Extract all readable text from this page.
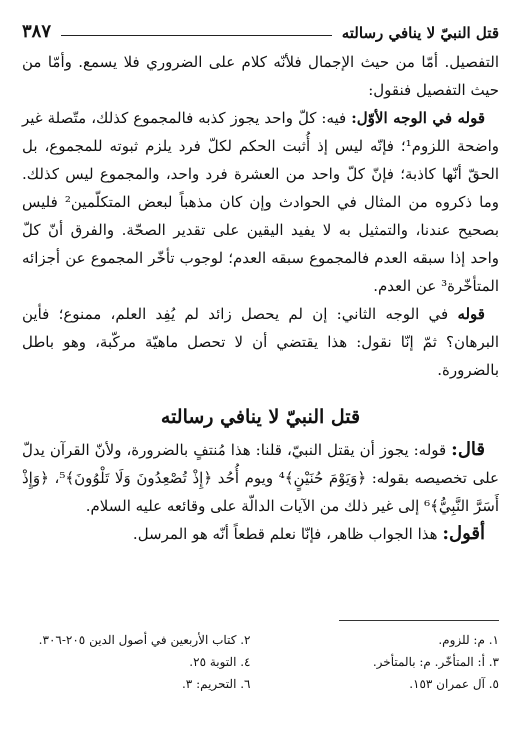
قتل النبيّ لا ينافي رسالته
٣٨٧

التفصيل. أمّا من حيث الإجمال فلأنّه كلام على الضروري فلا يسمع. وأمّا من حيث التفصيل فنقول:

قوله في الوجه الأوّل: فيه: كلّ واحد يجوز كذبه فالمجموع كذلك، متّصلة غير واضحة اللزوم¹؛ فإنّه ليس إذ أُثبت الحكم لكلّ فرد يلزم ثبوته للمجموع، بل الحقّ أنّها كاذبة؛ فإنّ كلّ واحد من العشرة فرد واحد، والمجموع ليس كذلك. وما ذكروه من المثال في الحوادث وإن كان مذهباً لبعض المتكلّمين² فليس بصحيح عندنا، والتمثيل به لا يفيد اليقين على تقدير الصحّة. والفرق أنّ كلّ واحد إذا سبقه العدم فالمجموع سبقه العدم؛ لوجوب تأخّر المجموع عن أجزائه المتأخّرة³ عن العدم.

قوله في الوجه الثاني: إن لم يحصل زائد لم يُفِد العلم، ممنوع؛ فأين البرهان؟ ثمّ إنّا نقول: هذا يقتضي أن لا تحصل ماهيّة مركّبة، وهو باطل بالضرورة.

قتل النبيّ لا ينافي رسالته

قال: قوله: يجوز أن يقتل النبيّ، قلنا: هذا مُنتفٍ بالضرورة، ولأنّ القرآن يدلّ على تخصيصه بقوله: ﴿وَيَوْمَ حُنَيْنٍ﴾⁴ ويوم أُحُد ﴿إِذْ تُصْعِدُونَ وَلَا تَلْوُونَ﴾⁵، ﴿وَإِذْ أَسَرَّ النَّبِيُّ﴾⁶ إلى غير ذلك من الآيات الدالّة على وقائعه عليه السلام.

أقول: هذا الجواب ظاهر، فإنّا نعلم قطعاً أنّه هو المرسل.

١. م: للزوم.
٢. كتاب الأربعين في أصول الدين ٢٠٥-٣٠٦.
٣. أ: المتأخّر. م: بالمتأخر.
٤. التوبة ٢٥.
٥. آل عمران ١٥٣.
٦. التحريم: ٣.
